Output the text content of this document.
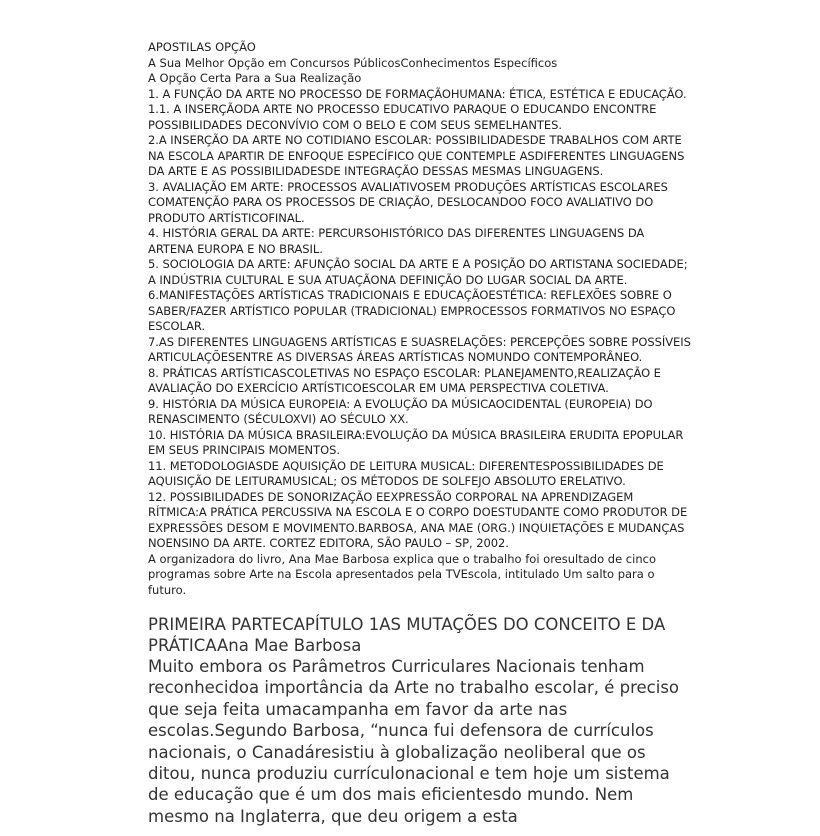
APOSTILAS OPÇÃO
A Sua Melhor Opção em Concursos PúblicosConhecimentos Específicos
A Opção Certa Para a Sua Realização
1. A FUNÇÃO DA ARTE NO PROCESSO DE FORMAÇÃOHUMANA: ÉTICA, ESTÉTICA E EDUCAÇÃO.
1.1. A INSERÇÃODA ARTE NO PROCESSO EDUCATIVO PARAQUE O EDUCANDO ENCONTRE
POSSIBILIDADES DECONVÍVIO COM O BELO E COM SEUS SEMELHANTES.
2.A INSERÇÃO DA ARTE NO COTIDIANO ESCOLAR: POSSIBILIDADESDE TRABALHOS COM ARTE
NA ESCOLA APARTIR DE ENFOQUE ESPECÍFICO QUE CONTEMPLE ASDIFERENTES LINGUAGENS
DA ARTE E AS POSSIBILIDADESDE INTEGRAÇÃO DESSAS MESMAS LINGUAGENS.
3. AVALIAÇÃO EM ARTE: PROCESSOS AVALIATIVOSEM PRODUÇÕES ARTÍSTICAS ESCOLARES
COMATENÇÃO PARA OS PROCESSOS DE CRIAÇÃO, DESLOCANDOO FOCO AVALIATIVO DO
PRODUTO ARTÍSTICOFINAL.
4. HISTÓRIA GERAL DA ARTE: PERCURSOHISTÓRICO DAS DIFERENTES LINGUAGENS DA
ARTENA EUROPA E NO BRASIL.
5. SOCIOLOGIA DA ARTE: AFUNÇÃO SOCIAL DA ARTE E A POSIÇÃO DO ARTISTANA SOCIEDADE;
A INDÚSTRIA CULTURAL E SUA ATUAÇÃONA DEFINIÇÃO DO LUGAR SOCIAL DA ARTE.
6.MANIFESTAÇÕES ARTÍSTICAS TRADICIONAIS E EDUCAÇÃOESTÉTICA: REFLEXÕES SOBRE O
SABER/FAZER ARTÍSTICO POPULAR (TRADICIONAL) EMPROCESSOS FORMATIVOS NO ESPAÇO
ESCOLAR.
7.AS DIFERENTES LINGUAGENS ARTÍSTICAS E SUASRELAÇÕES: PERCEPÇÕES SOBRE POSSÍVEIS
ARTICULAÇÕESENTRE AS DIVERSAS ÁREAS ARTÍSTICAS NOMUNDO CONTEMPORÂNEO.
8. PRÁTICAS ARTÍSTICASCOLETIVAS NO ESPAÇO ESCOLAR: PLANEJAMENTO,REALIZAÇÃO E
AVALIAÇÃO DO EXERCÍCIO ARTÍSTICOESCOLAR EM UMA PERSPECTIVA COLETIVA.
9. HISTÓRIA DA MÚSICA EUROPEIA: A EVOLUÇÃO DA MÚSICAOCIDENTAL (EUROPEIA) DO
RENASCIMENTO (SÉCULOXVI) AO SÉCULO XX.
10. HISTÓRIA DA MÚSICA BRASILEIRA:EVOLUÇÃO DA MÚSICA BRASILEIRA ERUDITA EPOPULAR
EM SEUS PRINCIPAIS MOMENTOS.
11. METODOLOGIASDE AQUISIÇÃO DE LEITURA MUSICAL: DIFERENTESPOSSIBILIDADES DE
AQUISIÇÃO DE LEITURAMUSICAL; OS MÉTODOS DE SOLFEJO ABSOLUTO ERELATIVO.
12. POSSIBILIDADES DE SONORIZAÇÃO EEXPRESSÃO CORPORAL NA APRENDIZAGEM
RÍTMICA:A PRÁTICA PERCUSSIVA NA ESCOLA E O CORPO DOESTUDANTE COMO PRODUTOR DE
EXPRESSÕES DESOM E MOVIMENTO.BARBOSA, ANA MAE (ORG.) INQUIETAÇÕES E MUDANÇAS
NOENSINO DA ARTE. CORTEZ EDITORA, SÃO PAULO – SP, 2002.
A organizadora do livro, Ana Mae Barbosa explica que o trabalho foi oresultado de cinco
programas sobre Arte na Escola apresentados pela TVEscola, intitulado Um salto para o
futuro.
PRIMEIRA PARTECAPÍTULO 1AS MUTAÇÕES DO CONCEITO E DA
PRÁTICAAna Mae Barbosa
Muito embora os Parâmetros Curriculares Nacionais tenham
reconhecidoa importância da Arte no trabalho escolar, é preciso
que seja feita umacampanha em favor da arte nas
escolas.Segundo Barbosa, “nunca fui defensora de currículos
nacionais, o Canadáresistiu à globalização neoliberal que os
ditou, nunca produziu currículonacional e tem hoje um sistema
de educação que é um dos mais eficientesdo mundo. Nem
mesmo na Inglaterra, que deu origem a esta
